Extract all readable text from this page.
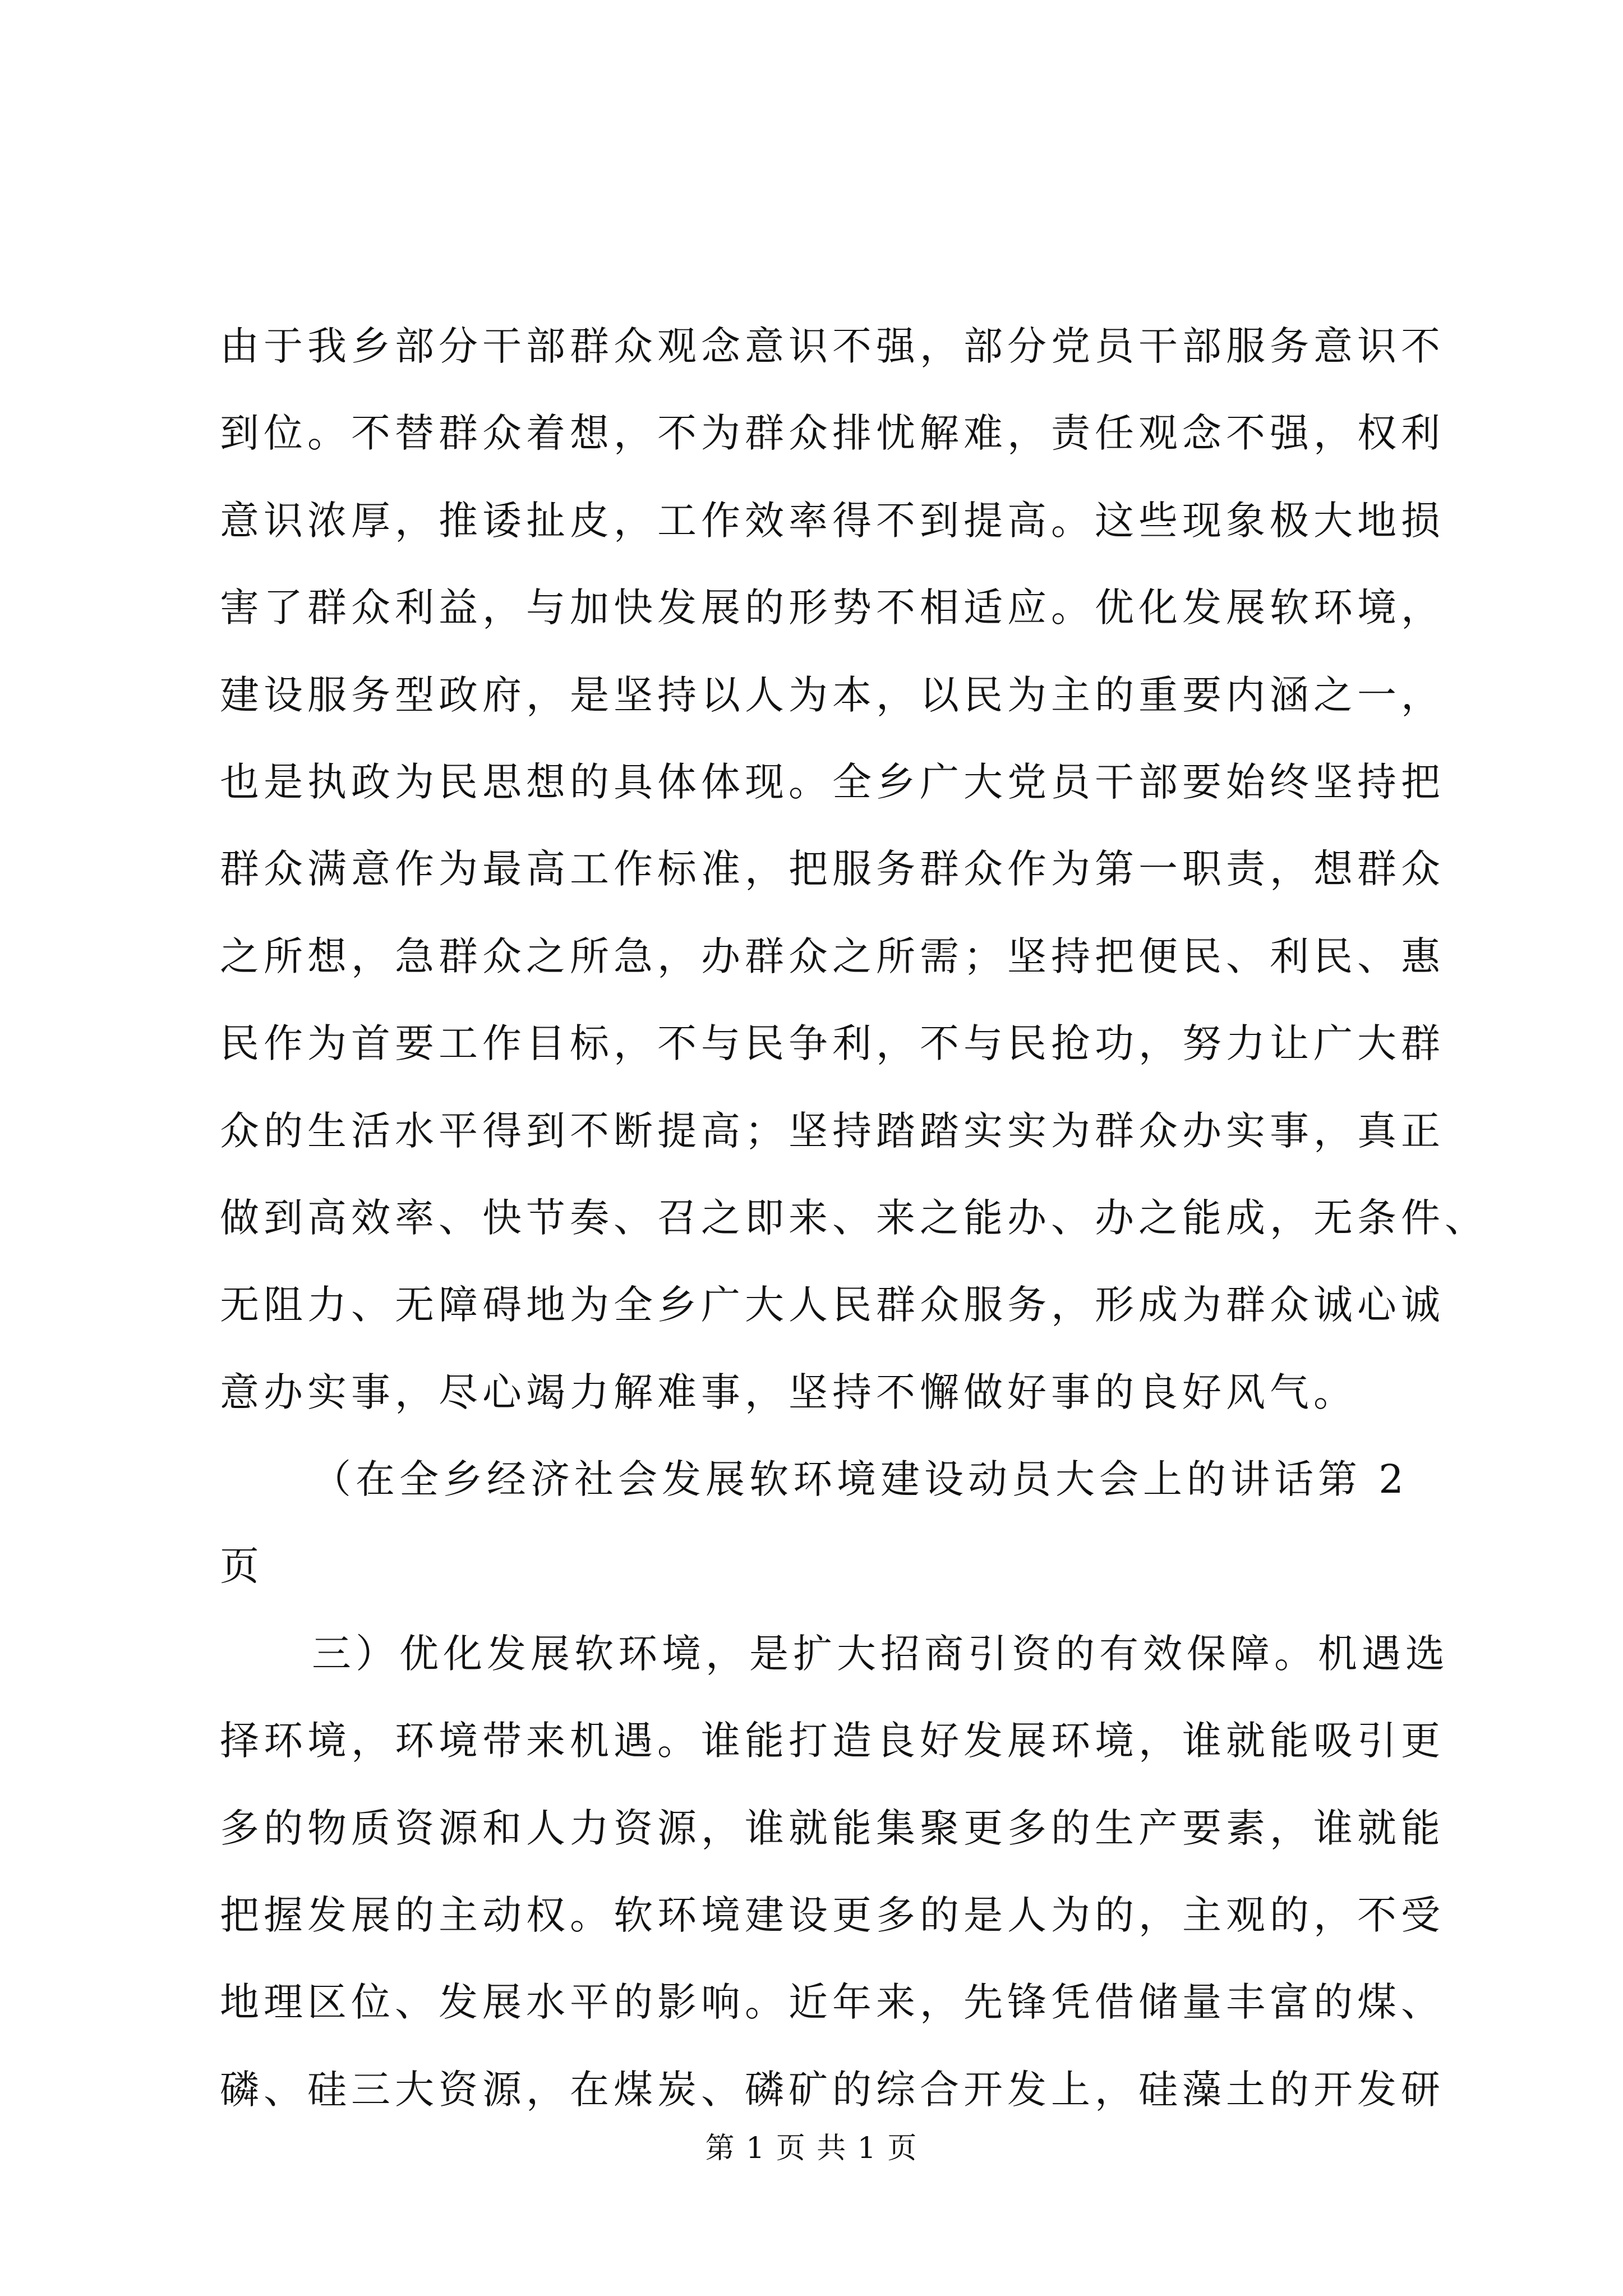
由于我乡部分干部群众观念意识不强，部分党员干部服务意识不
到位。不替群众着想，不为群众排忧解难，责任观念不强，权利
意识浓厚，推诿扯皮，工作效率得不到提高。这些现象极大地损
害了群众利益，与加快发展的形势不相适应。优化发展软环境，
建设服务型政府，是坚持以人为本，以民为主的重要内涵之一，
也是执政为民思想的具体体现。全乡广大党员干部要始终坚持把
群众满意作为最高工作标准，把服务群众作为第一职责，想群众
之所想，急群众之所急，办群众之所需；坚持把便民、利民、惠
民作为首要工作目标，不与民争利，不与民抢功，努力让广大群
众的生活水平得到不断提高；坚持踏踏实实为群众办实事，真正
做到高效率、快节奏、召之即来、来之能办、办之能成，无条件、
无阻力、无障碍地为全乡广大人民群众服务，形成为群众诚心诚
意办实事，尽心竭力解难事，坚持不懈做好事的良好风气。
（在全乡经济社会发展软环境建设动员大会上的讲话第 2
页
三）优化发展软环境，是扩大招商引资的有效保障。机遇选
择环境，环境带来机遇。谁能打造良好发展环境，谁就能吸引更
多的物质资源和人力资源，谁就能集聚更多的生产要素，谁就能
把握发展的主动权。软环境建设更多的是人为的，主观的，不受
地理区位、发展水平的影响。近年来，先锋凭借储量丰富的煤、
磷、硅三大资源，在煤炭、磷矿的综合开发上，硅藻土的开发研
第 1 页 共 1 页
